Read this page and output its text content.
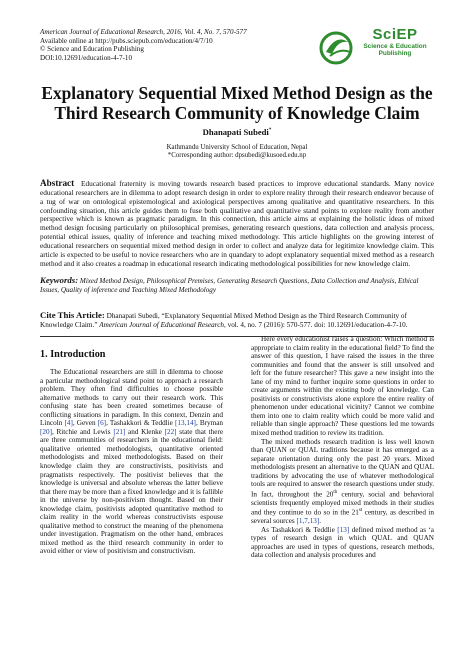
American Journal of Educational Research, 2016, Vol. 4, No. 7, 570-577
Available online at http://pubs.sciepub.com/education/4/7/10
© Science and Education Publishing
DOI:10.12691/education-4-7-10
SciEP
Science & Education
Publishing
Explanatory Sequential Mixed Method Design as the Third Research Community of Knowledge Claim
Dhanapati Subedi*
Kathmandu University School of Education, Nepal
*Corresponding author: dpsubedi@kusoed.edu.np
Abstract Educational fraternity is moving towards research based practices to improve educational standards. Many novice educational researchers are in dilemma to adopt research design in order to explore reality through their research endeavor because of a tug of war on ontological epistemological and axiological perspectives among qualitative and quantitative researchers. In this confounding situation, this article guides them to fuse both qualitative and quantitative stand points to explore reality from another perspective which is known as pragmatic paradigm. In this connection, this article aims at explaining the holistic ideas of mixed method design focusing particularly on philosophical premises, generating research questions, data collection and analysis process, potential ethical issues, quality of inference and teaching mixed methodology. This article highlights on the growing interest of educational researchers on sequential mixed method design in order to collect and analyze data for legitimize knowledge claim. This article is expected to be useful to novice researchers who are in quandary to adopt explanatory sequential mixed method as a research method and it also creates a roadmap in educational research indicating methodological possibilities for new knowledge claim.
Keywords: Mixed Method Design, Philosophical Premises, Generating Research Questions, Data Collection and Analysis, Ethical Issues, Quality of inference and Teaching Mixed Methodology
Cite This Article: Dhanapati Subedi, “Explanatory Sequential Mixed Method Design as the Third Research Community of Knowledge Claim.” American Journal of Educational Research, vol. 4, no. 7 (2016): 570-577. doi: 10.12691/education-4-7-10.
1. Introduction

The Educational researchers are still in dilemma to choose a particular methodological stand point to approach a research problem. They often find difficulties to choose possible alternative methods to carry out their research work. This confusing state has been created sometimes because of conflicting situations in paradigm. In this context, Denzin and Lincoln [4], Geven [6], Tashakkori & Teddlie [13,14], Bryman [20], Ritchie and Lewis [21] and Klenke [22] state that there are three communities of researchers in the educational field: qualitative oriented methodologists, quantitative oriented methodologists and mixed methodologists. Based on their knowledge claim they are constructivists, positivists and pragmatists respectively. The positivist believes that the knowledge is universal and absolute whereas the latter believe that there may be more than a fixed knowledge and it is fallible in the universe by non-positivism thought. Based on their knowledge claim, positivists adopted quantitative method to claim reality in the world whereas constructivists espouse qualitative method to construct the meaning of the phenomena under investigation. Pragmatism on the other hand, embraces mixed method as the third research community in order to avoid either or view of positivism and constructivism.

Here every educationist raises a question: Which method is appropriate to claim reality in the educational field? To find the answer of this question, I have raised the issues in the three communities and found that the answer is still unsolved and left for the future researcher? This gave a new insight into the lane of my mind to further inquire some questions in order to create arguments within the existing body of knowledge. Can positivists or constructivists alone explore the entire reality of phenomenon under educational vicinity? Cannot we combine them into one to claim reality which could be more valid and reliable than single approach? These questions led me towards mixed method tradition to review its tradition.

The mixed methods research tradition is less well known than QUAN or QUAL traditions because it has emerged as a separate orientation during only the past 20 years. Mixed methodologists present an alternative to the QUAN and QUAL traditions by advocating the use of whatever methodological tools are required to answer the research questions under study. In fact, throughout the 20th century, social and behavioral scientists frequently employed mixed methods in their studies and they continue to do so in the 21st century, as described in several sources [1,7,13].

As Tashakkori & Teddlie [13] defined mixed method as ‘a types of research design in which QUAL and QUAN approaches are used in types of questions, research methods, data collection and analysis procedures and
